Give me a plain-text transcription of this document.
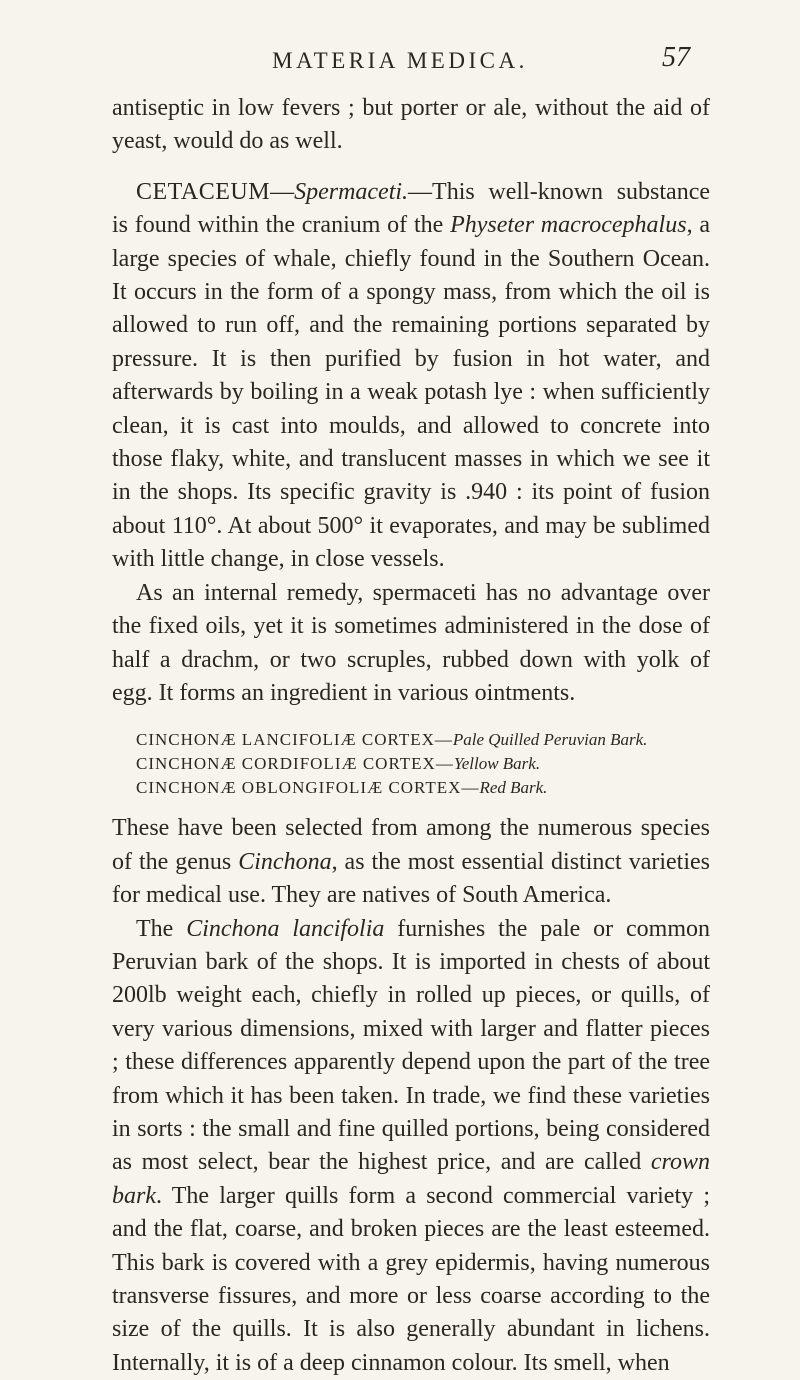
MATERIA MEDICA.	57

antiseptic in low fevers ; but porter or ale, without the aid of yeast, would do as well.

CETACEUM—Spermaceti.—This well-known substance is found within the cranium of the Physeter macrocephalus, a large species of whale, chiefly found in the Southern Ocean. It occurs in the form of a spongy mass, from which the oil is allowed to run off, and the remaining portions separated by pressure. It is then purified by fusion in hot water, and afterwards by boiling in a weak potash lye : when sufficiently clean, it is cast into moulds, and allowed to concrete into those flaky, white, and translucent masses in which we see it in the shops. Its specific gravity is .940 : its point of fusion about 110°. At about 500° it evaporates, and may be sublimed with little change, in close vessels.

As an internal remedy, spermaceti has no advantage over the fixed oils, yet it is sometimes administered in the dose of half a drachm, or two scruples, rubbed down with yolk of egg. It forms an ingredient in various ointments.

CINCHONÆ LANCIFOLIÆ CORTEX—Pale Quilled Peruvian Bark.
CINCHONÆ CORDIFOLIÆ CORTEX—Yellow Bark.
CINCHONÆ OBLONGIFOLIÆ CORTEX—Red Bark.

These have been selected from among the numerous species of the genus Cinchona, as the most essential distinct varieties for medical use. They are natives of South America.

The Cinchona lancifolia furnishes the pale or common Peruvian bark of the shops. It is imported in chests of about 200lb weight each, chiefly in rolled up pieces, or quills, of very various dimensions, mixed with larger and flatter pieces ; these differences apparently depend upon the part of the tree from which it has been taken. In trade, we find these varieties in sorts : the small and fine quilled portions, being considered as most select, bear the highest price, and are called crown bark. The larger quills form a second commercial variety ; and the flat, coarse, and broken pieces are the least esteemed. This bark is covered with a grey epidermis, having numerous transverse fissures, and more or less coarse according to the size of the quills. It is also generally abundant in lichens. Internally, it is of a deep cinnamon colour. Its smell, when
